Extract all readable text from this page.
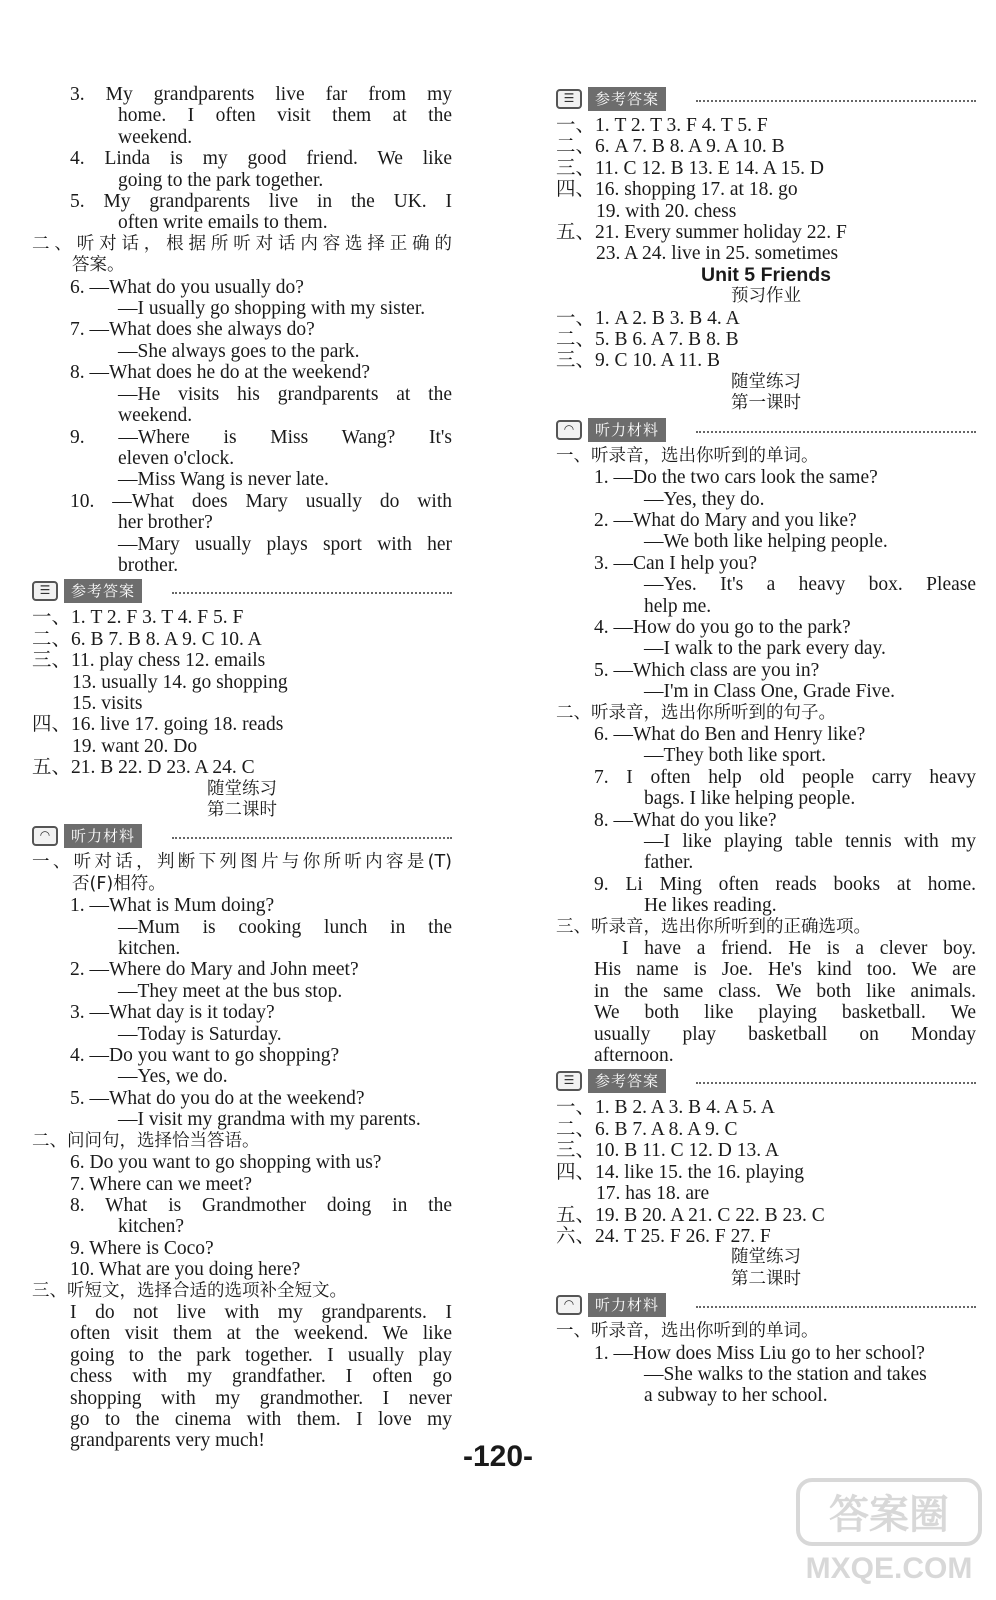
3. My grandparents live far from my
home. I often visit them at the
weekend.
4. Linda is my good friend. We like
going to the park together.
5. My grandparents live in the UK. I
often write emails to them.
二、听对话，根据所听对话内容选择正确的
答案。
6. —What do you usually do?
—I usually go shopping with my sister.
7. —What does she always do?
—She always goes to the park.
8. —What does he do at the weekend?
—He visits his grandparents at the
weekend.
9. —Where is Miss Wang? It's
eleven o'clock.
—Miss Wang is never late.
10. —What does Mary usually do with
her brother?
—Mary usually plays sport with her
brother.
☰	参考答案
一、1. T 2. F 3. T 4. F 5. F
二、6. B 7. B 8. A 9. C 10. A
三、11. play chess 12. emails
13. usually 14. go shopping
15. visits
四、16. live 17. going 18. reads
19. want 20. Do
五、21. B 22. D 23. A 24. C
随堂练习
第二课时
◠	听力材料
一、听对话，判断下列图片与你所听内容是(T)
否(F)相符。
1. —What is Mum doing?
—Mum is cooking lunch in the
kitchen.
2. —Where do Mary and John meet?
—They meet at the bus stop.
3. —What day is it today?
—Today is Saturday.
4. —Do you want to go shopping?
—Yes, we do.
5. —What do you do at the weekend?
—I visit my grandma with my parents.
二、问问句，选择恰当答语。
6. Do you want to go shopping with us?
7. Where can we meet?
8. What is Grandmother doing in the
kitchen?
9. Where is Coco?
10. What are you doing here?
三、听短文，选择合适的选项补全短文。
I do not live with my grandparents. I
often visit them at the weekend. We like
going to the park together. I usually play
chess with my grandfather. I often go
shopping with my grandmother. I never
go to the cinema with them. I love my
grandparents very much!
☰	参考答案
一、1. T 2. T 3. F 4. T 5. F
二、6. A 7. B 8. A 9. A 10. B
三、11. C 12. B 13. E 14. A 15. D
四、16. shopping 17. at 18. go
19. with 20. chess
五、21. Every summer holiday 22. F
23. A 24. live in 25. sometimes
Unit 5 Friends
预习作业
一、1. A 2. B 3. B 4. A
二、5. B 6. A 7. B 8. B
三、9. C 10. A 11. B
随堂练习
第一课时
◠	听力材料
一、听录音，选出你听到的单词。
1. —Do the two cars look the same?
—Yes, they do.
2. —What do Mary and you like?
—We both like helping people.
3. —Can I help you?
—Yes. It's a heavy box. Please
help me.
4. —How do you go to the park?
—I walk to the park every day.
5. —Which class are you in?
—I'm in Class One, Grade Five.
二、听录音，选出你所听到的句子。
6. —What do Ben and Henry like?
—They both like sport.
7. I often help old people carry heavy
bags. I like helping people.
8. —What do you like?
—I like playing table tennis with my
father.
9. Li Ming often reads books at home.
He likes reading.
三、听录音，选出你所听到的正确选项。
I have a friend. He is a clever boy.
His name is Joe. He's kind too. We are
in the same class. We both like animals.
We both like playing basketball. We
usually play basketball on Monday
afternoon.
☰	参考答案
一、1. B 2. A 3. B 4. A 5. A
二、6. B 7. A 8. A 9. C
三、10. B 11. C 12. D 13. A
四、14. like 15. the 16. playing
17. has 18. are
五、19. B 20. A 21. C 22. B 23. C
六、24. T 25. F 26. F 27. F
随堂练习
第二课时
◠	听力材料
一、听录音，选出你听到的单词。
1. —How does Miss Liu go to her school?
—She walks to the station and takes
a subway to her school.
-120-
答案圈
MXQE.COM
